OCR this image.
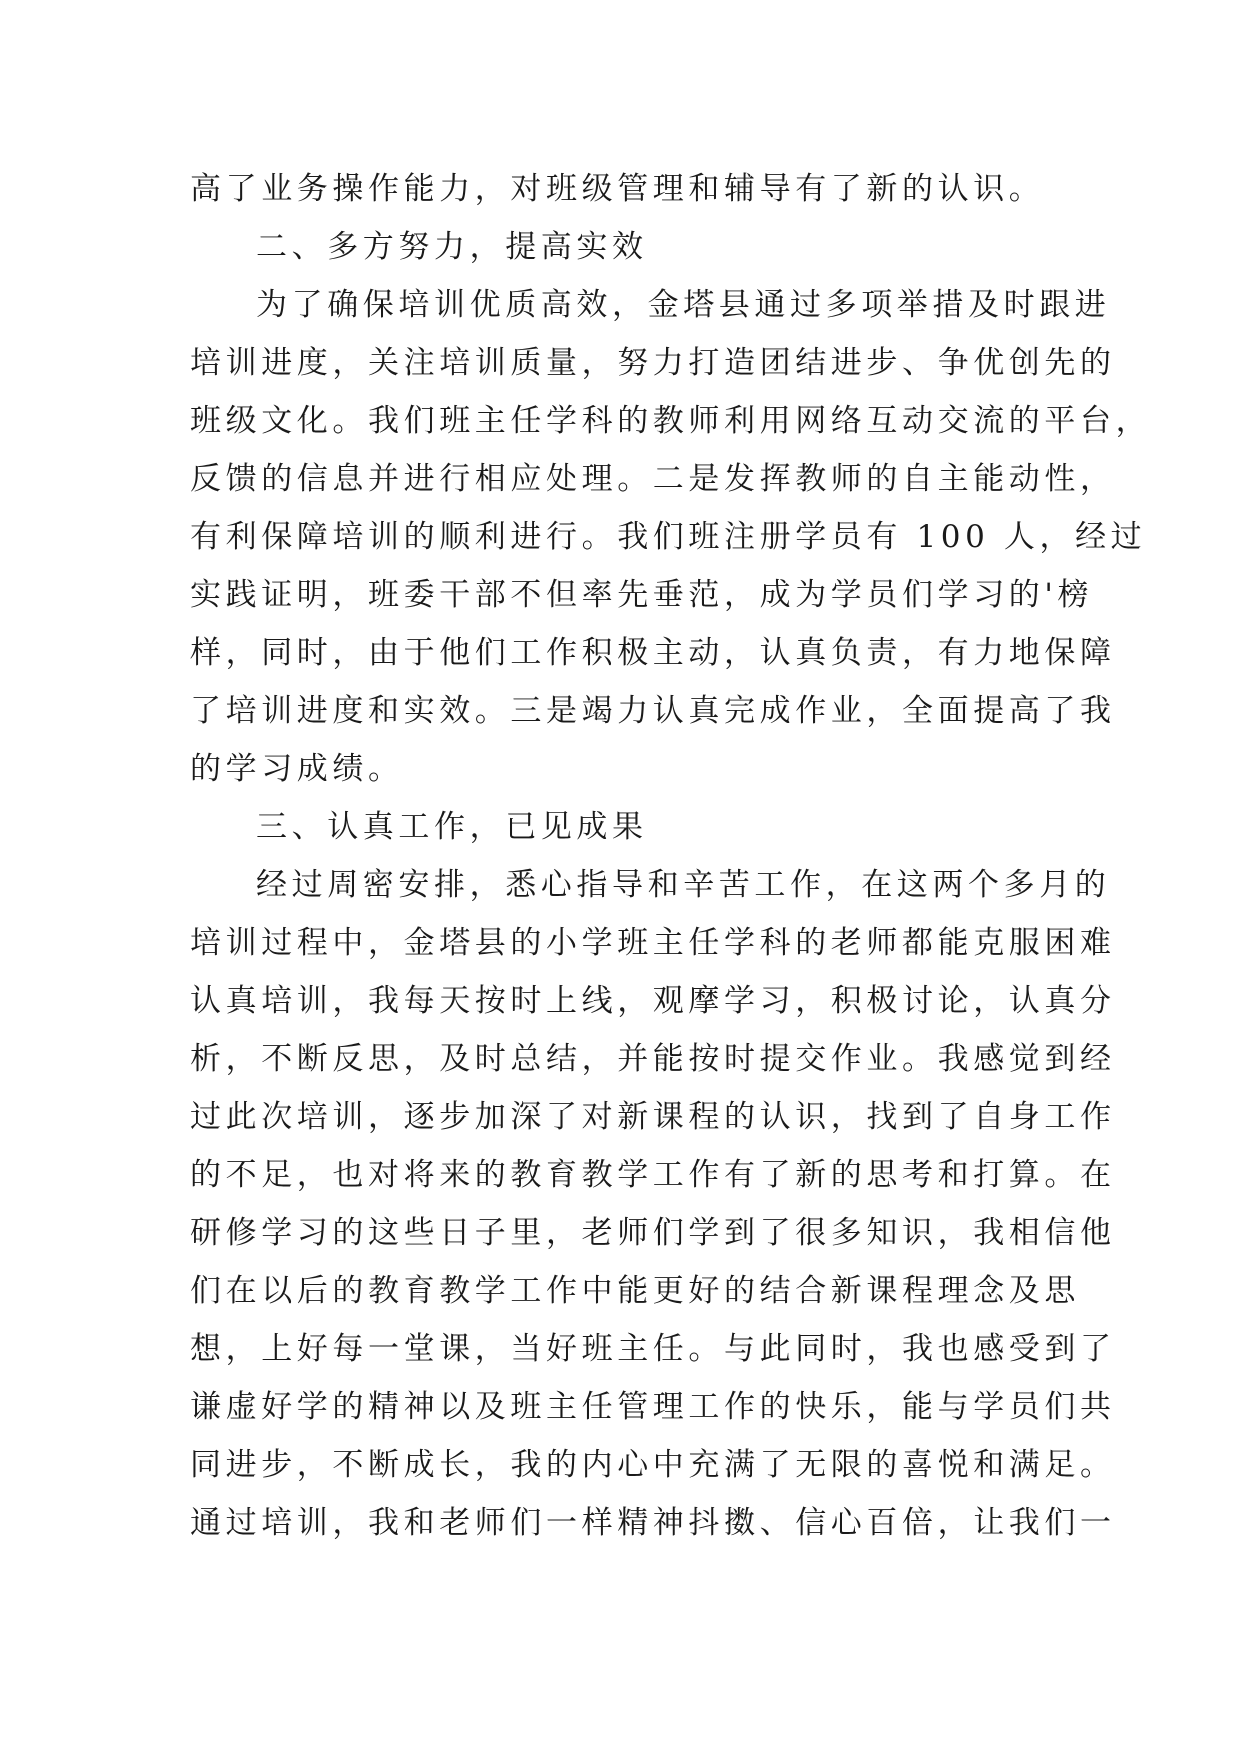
高了业务操作能力，对班级管理和辅导有了新的认识。
二、多方努力，提高实效
为了确保培训优质高效，金塔县通过多项举措及时跟进
培训进度，关注培训质量，努力打造团结进步、争优创先的
班级文化。我们班主任学科的教师利用网络互动交流的平台，
反馈的信息并进行相应处理。二是发挥教师的自主能动性，
有利保障培训的顺利进行。我们班注册学员有 100 人，经过
实践证明，班委干部不但率先垂范，成为学员们学习的'榜
样，同时，由于他们工作积极主动，认真负责，有力地保障
了培训进度和实效。三是竭力认真完成作业，全面提高了我
的学习成绩。
三、认真工作，已见成果
经过周密安排，悉心指导和辛苦工作，在这两个多月的
培训过程中，金塔县的小学班主任学科的老师都能克服困难
认真培训，我每天按时上线，观摩学习，积极讨论，认真分
析，不断反思，及时总结，并能按时提交作业。我感觉到经
过此次培训，逐步加深了对新课程的认识，找到了自身工作
的不足，也对将来的教育教学工作有了新的思考和打算。在
研修学习的这些日子里，老师们学到了很多知识，我相信他
们在以后的教育教学工作中能更好的结合新课程理念及思
想，上好每一堂课，当好班主任。与此同时，我也感受到了
谦虚好学的精神以及班主任管理工作的快乐，能与学员们共
同进步，不断成长，我的内心中充满了无限的喜悦和满足。
通过培训，我和老师们一样精神抖擞、信心百倍，让我们一
